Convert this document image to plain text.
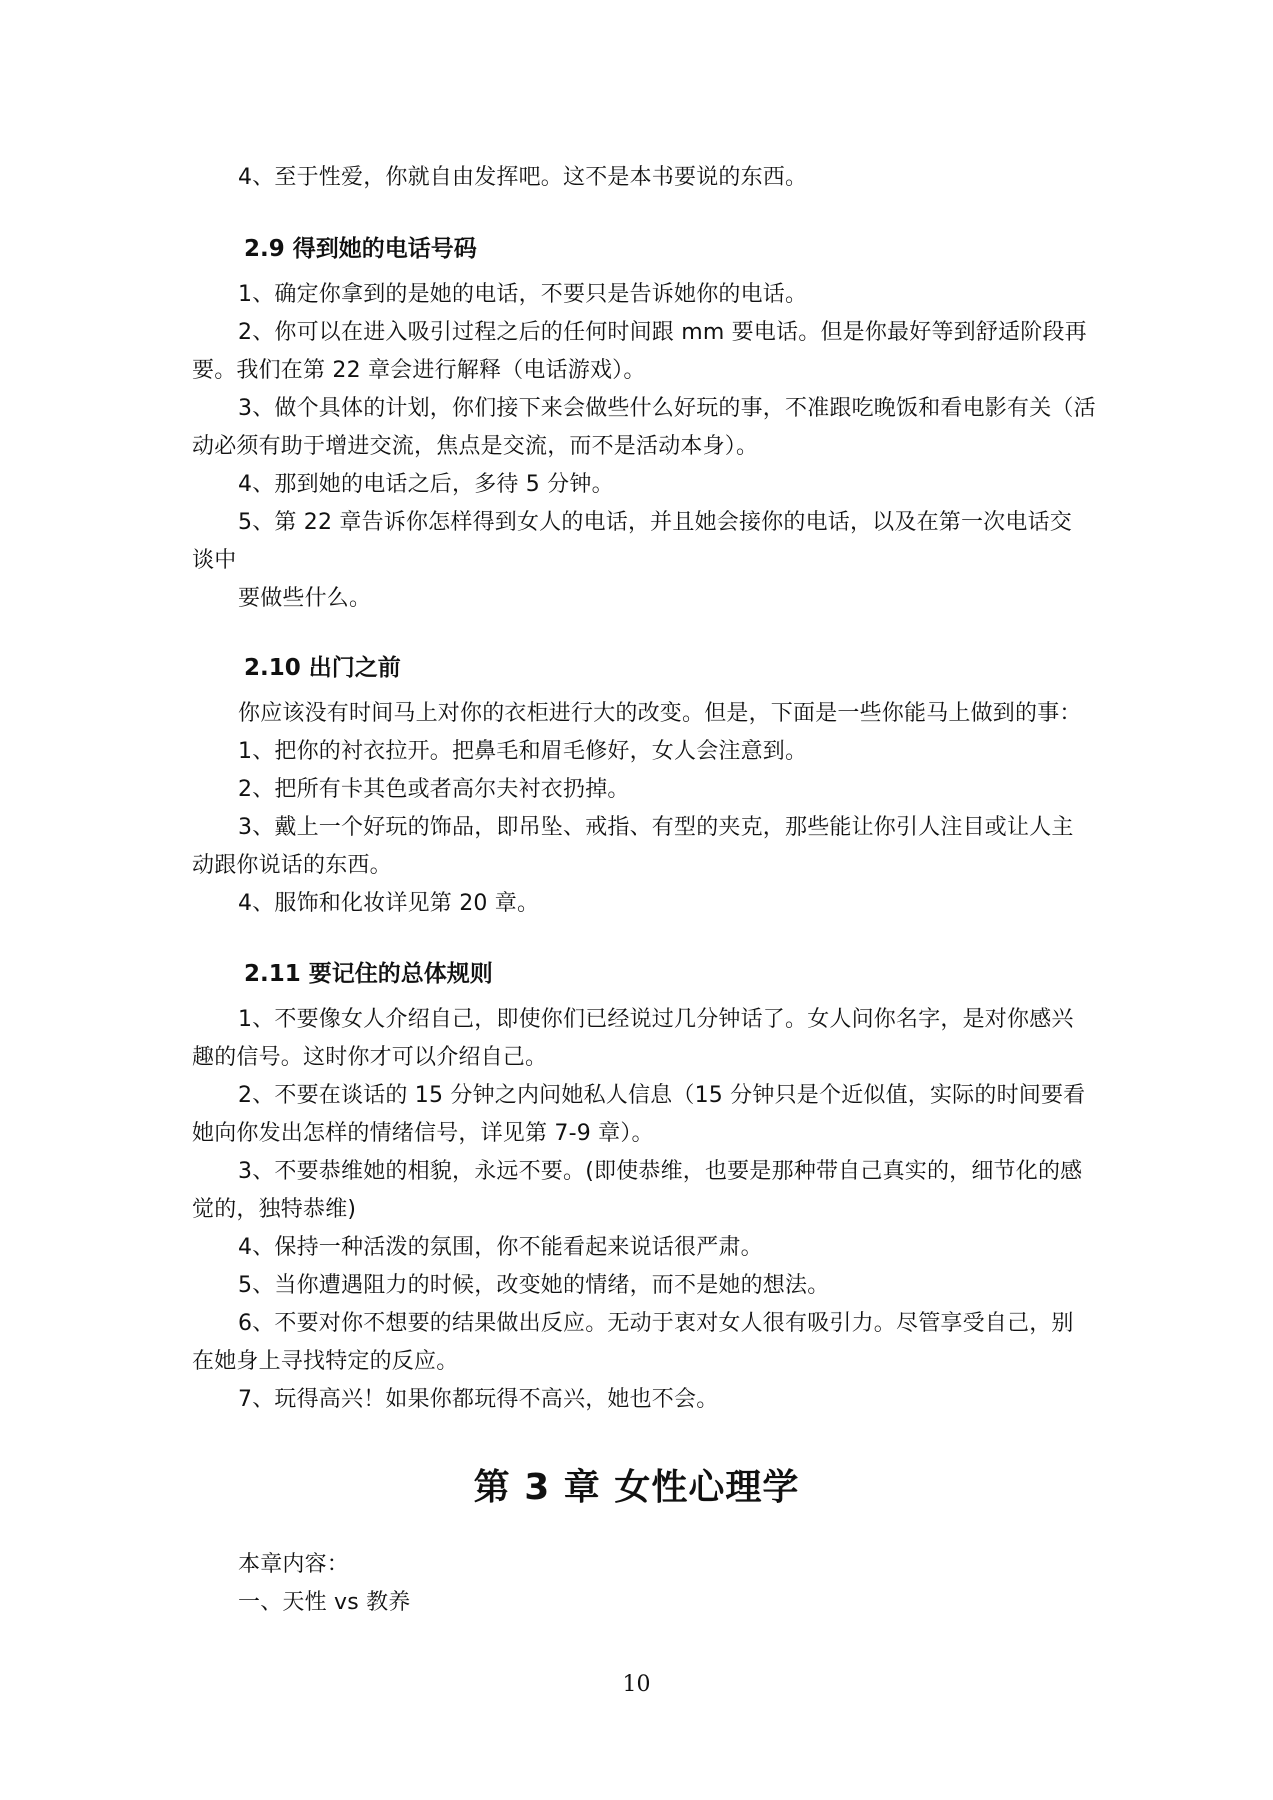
4、至于性爱，你就自由发挥吧。这不是本书要说的东西。
2.9 得到她的电话号码
1、确定你拿到的是她的电话，不要只是告诉她你的电话。
2、你可以在进入吸引过程之后的任何时间跟 mm 要电话。但是你最好等到舒适阶段再
要。我们在第 22 章会进行解释（电话游戏）。
3、做个具体的计划，你们接下来会做些什么好玩的事，不准跟吃晚饭和看电影有关（活
动必须有助于增进交流，焦点是交流，而不是活动本身）。
4、那到她的电话之后，多待 5 分钟。
5、第 22 章告诉你怎样得到女人的电话，并且她会接你的电话，以及在第一次电话交
谈中
要做些什么。
2.10 出门之前
你应该没有时间马上对你的衣柜进行大的改变。但是，下面是一些你能马上做到的事：
1、把你的衬衣拉开。把鼻毛和眉毛修好，女人会注意到。
2、把所有卡其色或者高尔夫衬衣扔掉。
3、戴上一个好玩的饰品，即吊坠、戒指、有型的夹克，那些能让你引人注目或让人主
动跟你说话的东西。
4、服饰和化妆详见第 20 章。
2.11 要记住的总体规则
1、不要像女人介绍自己，即使你们已经说过几分钟话了。女人问你名字，是对你感兴
趣的信号。这时你才可以介绍自己。
2、不要在谈话的 15 分钟之内问她私人信息（15 分钟只是个近似值，实际的时间要看
她向你发出怎样的情绪信号，详见第 7-9 章）。
3、不要恭维她的相貌，永远不要。(即使恭维，也要是那种带自己真实的，细节化的感
觉的，独特恭维)
4、保持一种活泼的氛围，你不能看起来说话很严肃。
5、当你遭遇阻力的时候，改变她的情绪，而不是她的想法。
6、不要对你不想要的结果做出反应。无动于衷对女人很有吸引力。尽管享受自己，别
在她身上寻找特定的反应。
7、玩得高兴！如果你都玩得不高兴，她也不会。
第 3 章 女性心理学
本章内容：
一、天性 vs 教养
10
